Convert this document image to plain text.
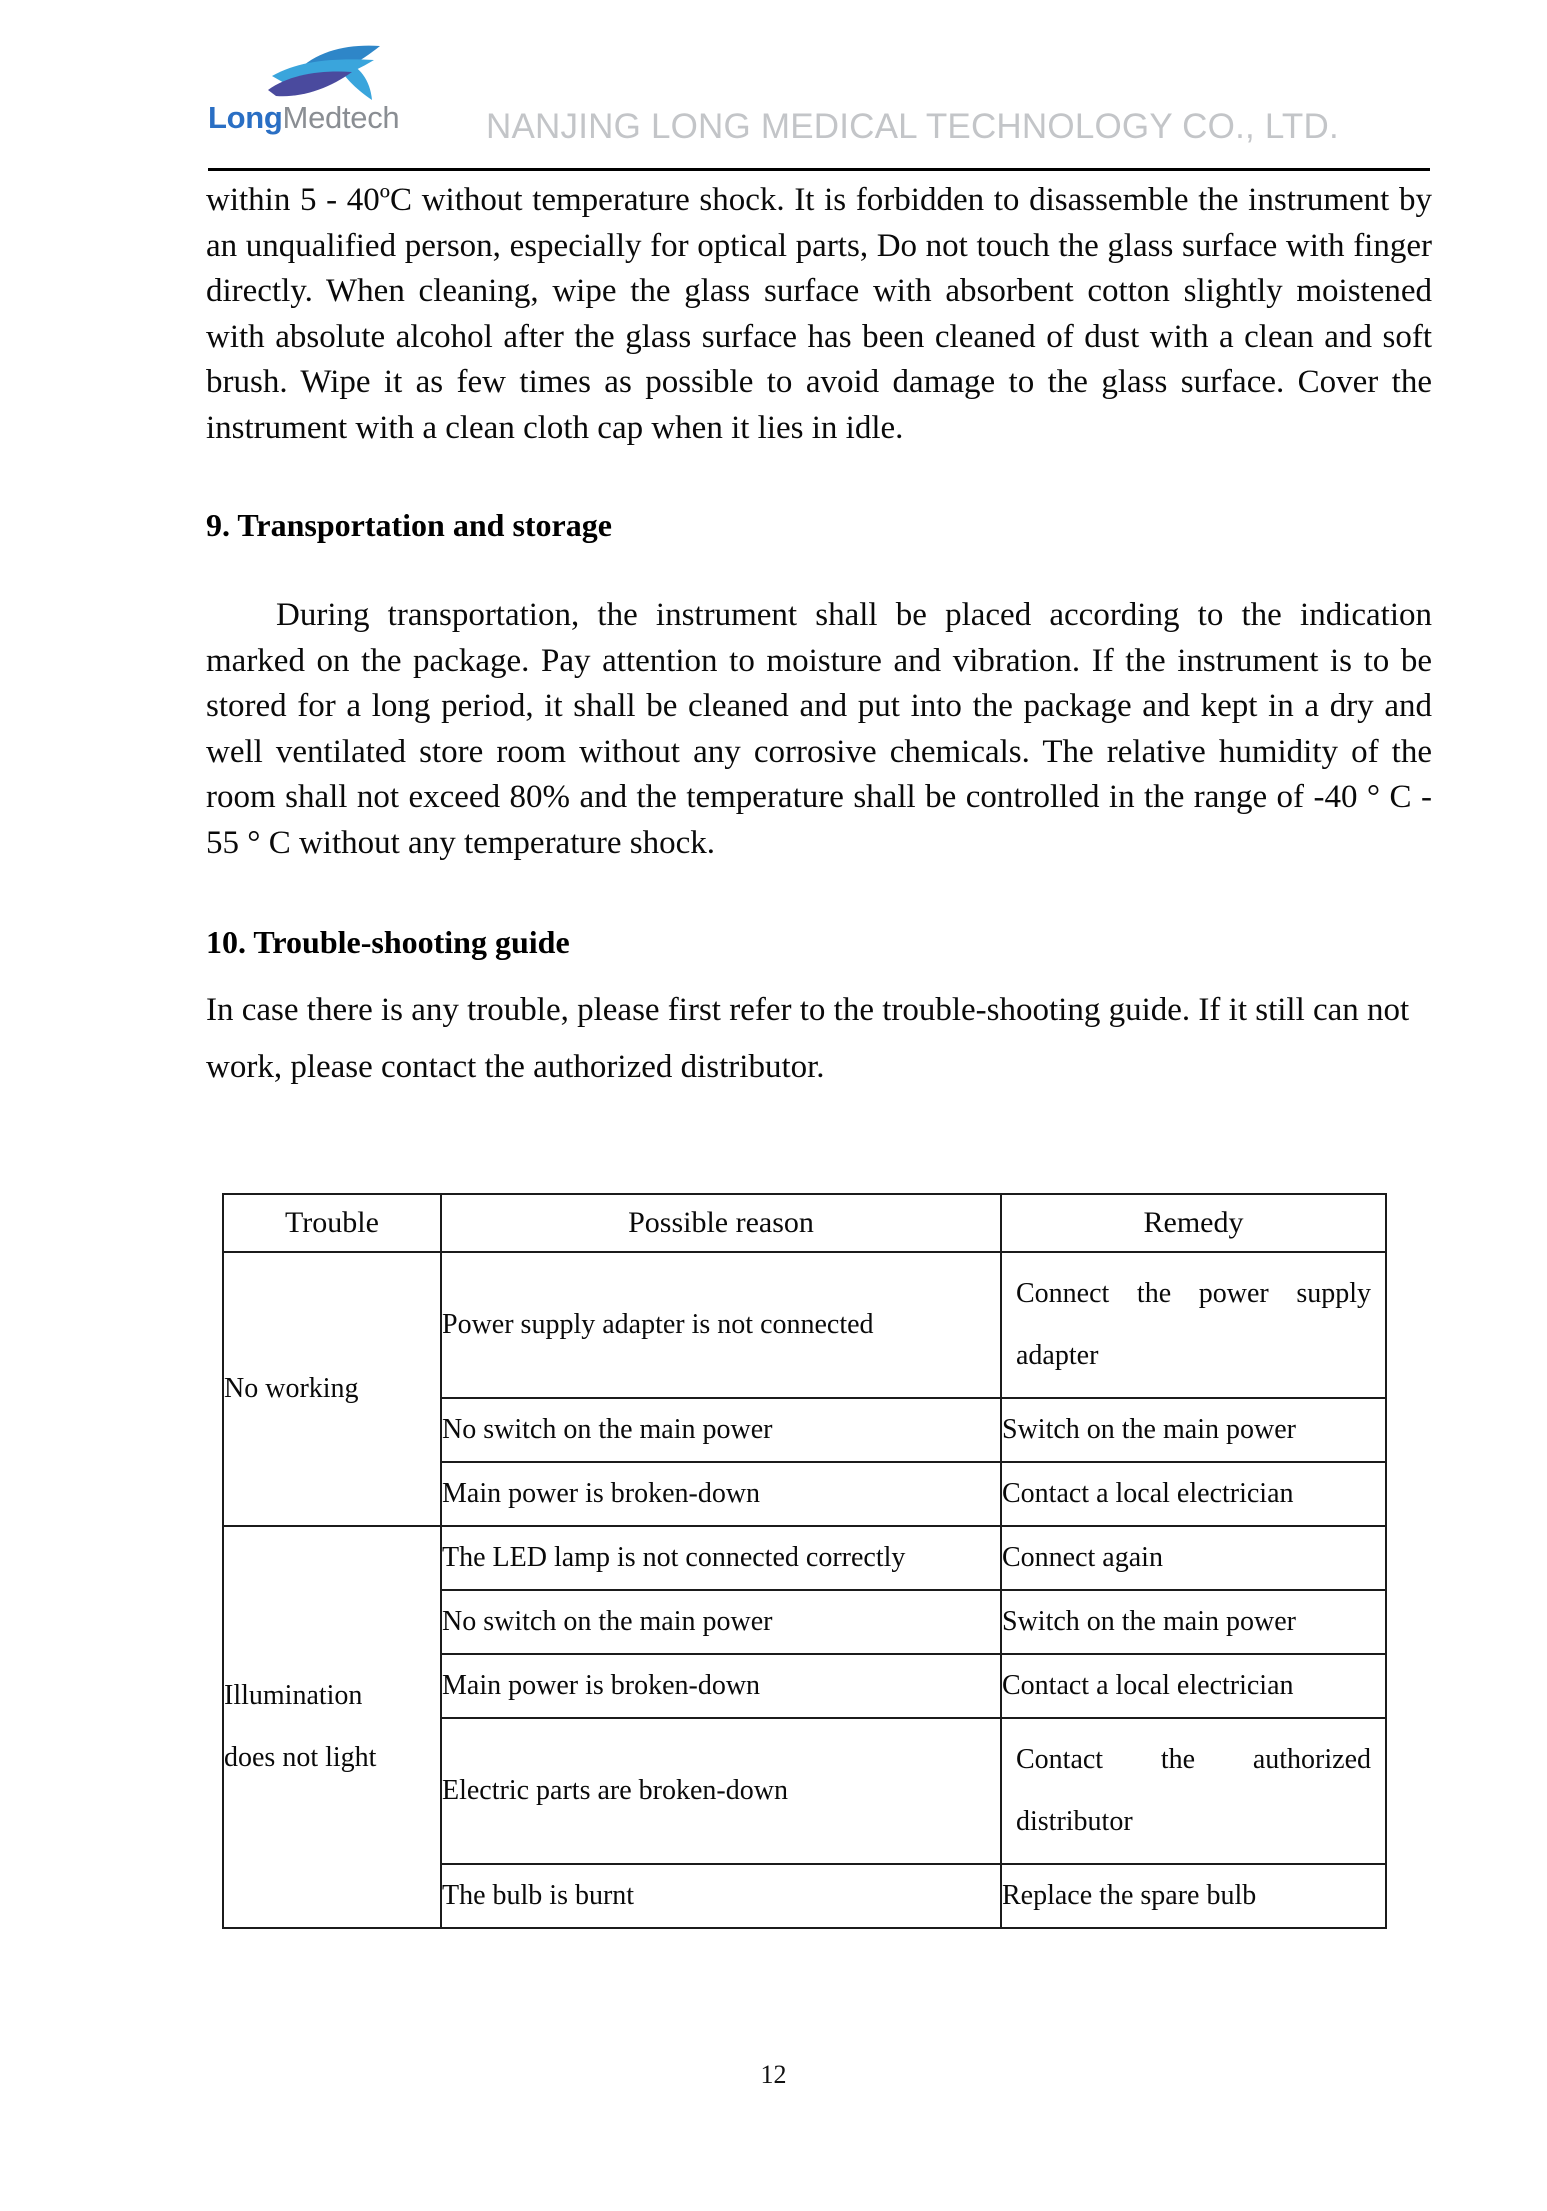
LongMedtech	NANJING LONG MEDICAL TECHNOLOGY CO., LTD.

within 5 - 40ºC without temperature shock. It is forbidden to disassemble the instrument by an unqualified person, especially for optical parts, Do not touch the glass surface with finger directly. When cleaning, wipe the glass surface with absorbent cotton slightly moistened with absolute alcohol after the glass surface has been cleaned of dust with a clean and soft brush. Wipe it as few times as possible to avoid damage to the glass surface. Cover the instrument with a clean cloth cap when it lies in idle.

9. Transportation and storage

During transportation, the instrument shall be placed according to the indication marked on the package. Pay attention to moisture and vibration. If the instrument is to be stored for a long period, it shall be cleaned and put into the package and kept in a dry and well ventilated store room without any corrosive chemicals. The relative humidity of the room shall not exceed 80% and the temperature shall be controlled in the range of -40 ° C - 55 ° C without any temperature shock.

10. Trouble-shooting guide

In case there is any trouble, please first refer to the trouble-shooting guide. If it still can not work, please contact the authorized distributor.

Trouble	Possible reason	Remedy
No working	Power supply adapter is not connected	Connect the power supply adapter
	No switch on the main power	Switch on the main power
	Main power is broken-down	Contact a local electrician
Illumination
does not light	The LED lamp is not connected correctly	Connect again
	No switch on the main power	Switch on the main power
	Main power is broken-down	Contact a local electrician
	Electric parts are broken-down	Contact the authorized distributor
	The bulb is burnt	Replace the spare bulb
12
